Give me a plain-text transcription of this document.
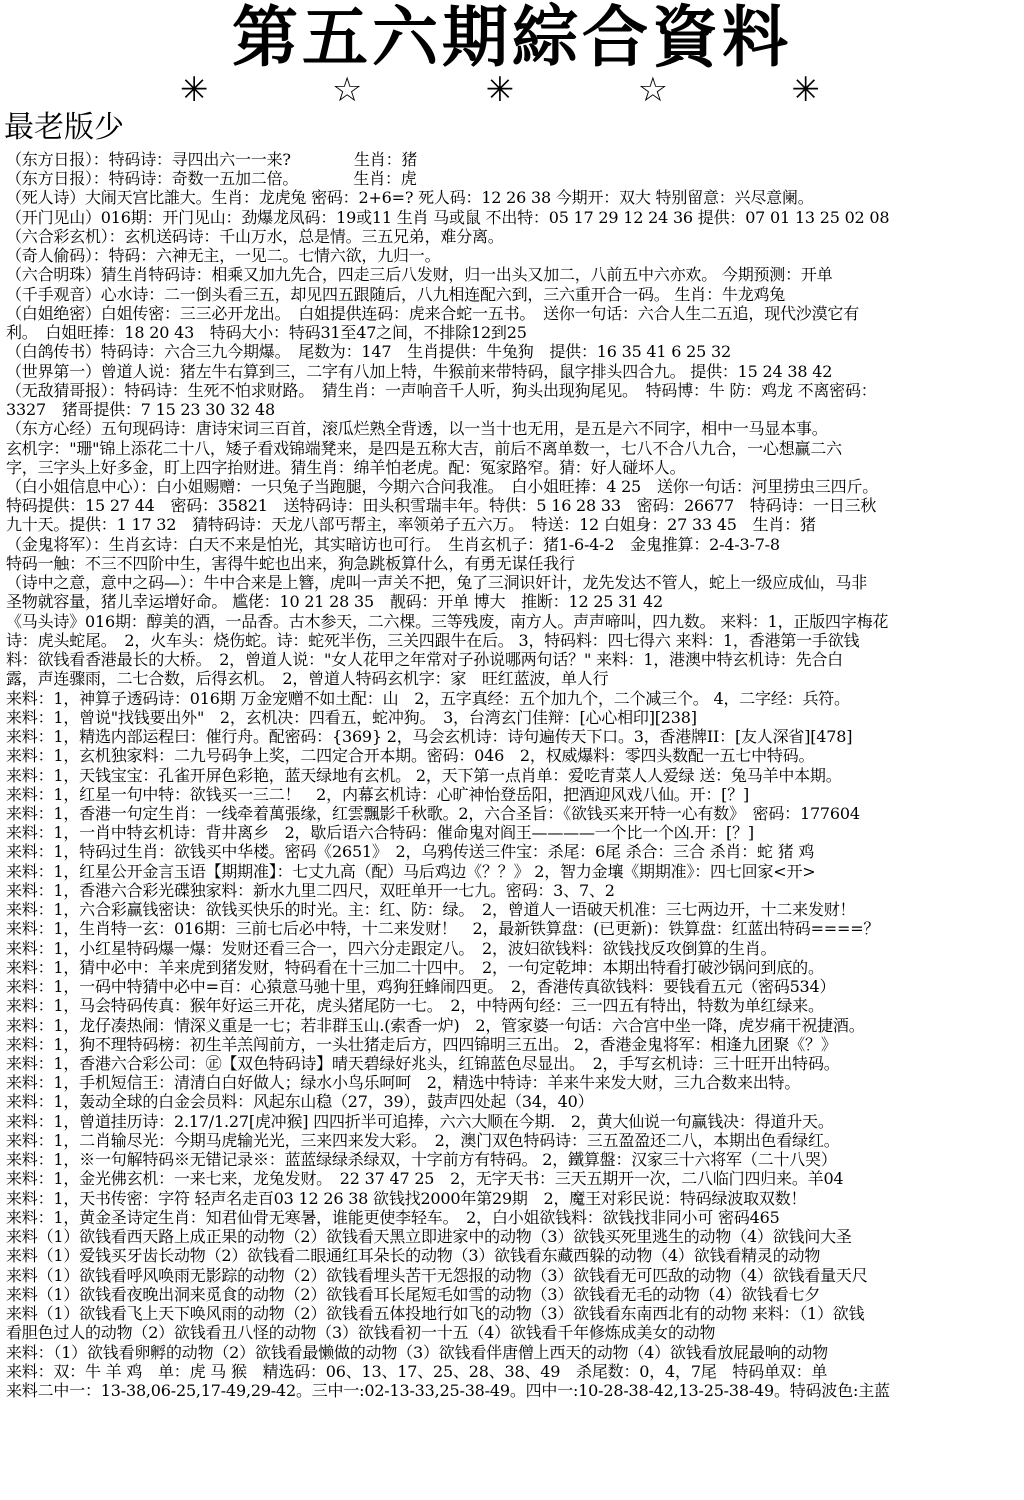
第五六期綜合資料
✳	☆	✳	☆	✳
最老版少
（东方日报）：特码诗：寻四出六一一来?　　　　生肖：猪
（东方日报）：特码诗：奇数一五加二倍。　　　　生肖：虎
（死人诗）大闹天宫比誰大。生肖：龙虎兔 密码：2+6=? 死人码：12 26 38 今期开：双大 特别留意：兴尽意阑。
（开门见山）016期：开门见山：劲爆龙凤码：19或11 生肖 马或鼠 不出特：05 17 29 12 24 36 提供：07 01 13 25 02 08
（六合彩玄机）：玄机送码诗：千山万水，总是情。三五兄弟，难分离。
（奇人偷码）：特码：六神无主，一见二。七情六欲，九归一。
（六合明珠）猜生肖特码诗：相乘又加九先合，四走三后八发财，归一出头又加二，八前五中六亦欢。 今期预测：开单
（千手观音）心水诗：二一倒头看三五，却见四五跟随后，八九相连配六到，三六重开合一码。 生肖：牛龙鸡兔
（白姐绝密）白姐传密：三三必开龙出。　白姐提供连码：虎来合蛇一五书。　送你一句话：六合人生二五追，现代沙漠它有
利。　白姐旺捧：18 20 43　特码大小：特码31至47之间，不排除12到25
（白鸽传书）特码诗：六合三九今期爆。　尾数为：147　生肖提供：牛兔狗　提供：16 35 41 6 25 32
（世界第一）曾道人说：猪左牛右算到三，二字有八加上特，牛猴前来带特码，鼠字排头四合九。 提供：15 24 38 42
（无敌猜哥报）：特码诗：生死不怕求财路。　猜生肖：一声响音千人听，狗头出现狗尾见。　特码博：牛 防：鸡龙 不离密码：
3327　猪哥提供：7 15 23 30 32 48
（东方心经）五句现码诗：唐诗宋词三百首，滚瓜烂熟全背透，以一当十也无用，是五是六不同字，相中一马显本事。
玄机字："珊"锦上添花二十八，矮子看戏锦端凳来，是四是五称大吉，前后不离单数一，七八不合八九合，一心想赢二六
字，三字头上好多金，盯上四字抬财进。猜生肖：绵羊怕老虎。配：冤家路窄。猜：好人碰坏人。
（白小姐信息中心）：白小姐赐赠：一只兔子当跑腿，今期六合问我准。　白小姐旺捧：4 25　送你一句话：河里捞虫三四斤。
特码提供：15 27 44　密码：35821　送特码诗：田头积雪瑞丰年。特供：5 16 28 33　密码：26677　特码诗：一日三秋
九十天。提供：1 17 32　猜特码诗：天龙八部丐帮主，率领弟子五六万。　特送：12 白姐身：27 33 45　生肖：猪
（金鬼将军）：生肖玄诗：白天不来是怕光，其实暗访也可行。　生肖玄机子：猪1-6-4-2　金鬼推算：2-4-3-7-8
特码一触：不三不四阶中生，害得牛蛇也出来，狗急跳板算什么，有勇无谋任我行
（诗中之意，意中之码—）：牛中合来是上簪，虎叫一声关不把，兔了三洞识奸计，龙先发达不管人，蛇上一级应成仙，马非
圣物就容量，猪儿幸运增好命。 尴佬：10 21 28 35　靓码：开单 博大　推断：12 25 31 42
《马头诗》016期：醇美的酒，一品香。古木参天，二六棵。三等残废，南方人。声声啼叫，四九数。 来料：1，正版四字梅花
诗：虎头蛇尾。　2，火车头：烧伤蛇。诗：蛇死半伤，三关四跟牛在后。 3，特码料：四七得六 来料：1，香港第一手欲钱
料：欲钱看香港最长的大桥。　2，曾道人说："女人花甲之年常对子孙说哪两句话？" 来料：1，港澳中特玄机诗：先合白
露，声连骤雨，二七合数，后得玄机。　2，曾道人特码玄机字：家　旺红蓝波，单人行
来料：1，神算子透码诗：016期 万金宠赠不如土配：山　2，五字真经：五个加九个，二个减三个。 4，二字经：兵符。
来料：1，曾说"找钱要出外"　2，玄机决：四看五，蛇冲狗。　3，台湾玄门佳辩：[心心相印][238]
来料：1，精选内部运程曰：催行舟。配密码：{369} 2，马会玄机诗：诗句遍传天下口。3，香港牌II：[友人深省][478]
来料：1，玄机独家料：二九号码争上奖，二四定合开本期。密码：046　2，权威爆料：零四头数配一五七中特码。
来料：1，天钱宝宝：孔雀开屏色彩艳，蓝天绿地有玄机。 2，天下第一点肖单：爱吃青菜人人爱绿 送：兔马羊中本期。
来料：1，红星一句中特：欲钱买一三二！　2，内幕玄机诗：心旷神怡登岳阳，把酒迎风戏八仙。开：[？]
来料：1，香港一句定生肖：一线牵着萬張缘，红雲飄影千秋歌。2，六合圣旨：《欲钱买来开特一心有数》　密码：177604
来料：1，一肖中特玄机诗：背井离乡　2，歇后语六合特码：催命鬼对阎王————一个比一个凶.开：[？]
来料：1，特码过生肖：欲钱买中华楼。密码《2651》　2，乌鸦传送三件宝：杀尾：6尾 杀合：三合 杀肖：蛇 猪 鸡
来料：1，红星公开金言玉语【期期准】：七丈九高（配）马后鸡边《？？》 2，智力金壤《期期准》：四七回家<开>
来料：1，香港六合彩光碟独家料：新水九里二四尺，双旺单开一七九。密码：3、7、2
来料：1，六合彩赢钱密诀：欲钱买快乐的时光。主：红、防：绿。　2，曾道人一语破天机准：三七两边开，十二来发财！
来料：1，生肖特一玄：016期：三前七后必中特，十二来发财！　2，最新铁算盘：(已更新)：铁算盘：红蓝出特码====？
来料：1，小红星特码爆一爆：发财还看三合一，四六分走跟定八。　2，波妇欲钱料：欲钱找反攻倒算的生肖。
来料：1，猜中必中：羊来虎到猪发财，特码看在十三加二十四中。　2，一句定乾坤：本期出特看打破沙锅问到底的。
来料：1，一码中特猜中必中=百：心猿意马驰十里，鸡狗狂蜂闹四更。　2，香港传真欲钱料：要钱看五元（密码534）
来料：1，马会特码传真：猴年好运三开花，虎头猪尾防一七。　2，中特两句经：三一四五有特出，特数为单红绿来。
来料：1，龙仔凑热闹：情深义重是一七；若非群玉山.(索香一炉)　2，管家婆一句话：六合宫中坐一降，虎岁痛干祝捷酒。
来料：1，狗不理特码榜：初生羊羔闯前方，一头壮猪走后方，四四锦明三五出。 2，香港金鬼将军：相逢九团聚《？》
来料：1，香港六合彩公司：㊣【双色特码诗】晴天碧绿好兆头，红锦蓝色尽显出。　2，手写玄机诗：三十旺开出特码。
来料：1，手机短信王：清清白白好做人；绿水小鸟乐呵呵　2，精选中特诗：羊来牛来发大财，三九合数来出特。
来料：1，轰动全球的白金会员料：风起东山稳（27，39），鼓声四处起（34，40）
来料：1，曾道挂历诗：2.17/1.27[虎冲猴] 四四折半可追捧，六六大顺在今期.　2，黄大仙说一句赢钱决：得道升天。
来料：1，二肖输尽光：今期马虎输光光，三来四来发大彩。　2，澳门双色特码诗：三五盈盈还二八，本期出色看绿红。
来料：1，※一句解特码※无错记录※：蓝蓝绿绿杀绿双，十字前方有特码。 2，鐵算盤：汉家三十六将军（二十八哭）
来料：1，金光佛玄机：一来七来，龙兔发财。　22 37 47 25　2，无字天书：三天五期开一次，二八临门四归来。羊04
来料：1，天书传密：字符 轻声名走百03 12 26 38 欲钱找2000年第29期　2，魔王对彩民说：特码绿波取双数！
来料：1，黄金圣诗定生肖：知君仙骨无寒暑，谁能更使李轻车。　2，白小姐欲钱料：欲钱找非同小可 密码465
来料（1）欲钱看西天路上成正果的动物（2）欲钱看天黑立即进家中的动物（3）欲钱买死里逃生的动物（4）欲钱问大圣
来料（1）爱钱买牙齿长动物（2）欲钱看二眼通红耳朵长的动物（3）欲钱看东藏西躲的动物（4）欲钱看精灵的动物
来料（1）欲钱看呼风唤雨无影踪的动物（2）欲钱看埋头苦干无怨报的动物（3）欲钱看无可匹敌的动物（4）欲钱看量天尺
来料（1）欲钱看夜晚出洞来觅食的动物（2）欲钱看耳长尾短毛如雪的动物（3）欲钱看无毛的动物（4）欲钱看七夕
来料（1）欲钱看飞上天下唤风雨的动物（2）欲钱看五体投地行如飞的动物（3）欲钱看东南西北有的动物 来料：（1）欲钱
看胆色过人的动物（2）欲钱看丑八怪的动物（3）欲钱看初一十五（4）欲钱看千年修炼成美女的动物
来料：（1）欲钱看卵孵的动物（2）欲钱看最懒做的动物（3）欲钱看伴唐僧上西天的动物（4）欲钱看放屁最响的动物
来料：双：牛 羊 鸡　单：虎 马 猴　精选码：06、13、17、25、28、38、49　杀尾数：0，4，7尾　特码单双：单
来料二中一：13-38,06-25,17-49,29-42。三中一:02-13-33,25-38-49。四中一:10-28-38-42,13-25-38-49。特码波色:主蓝
